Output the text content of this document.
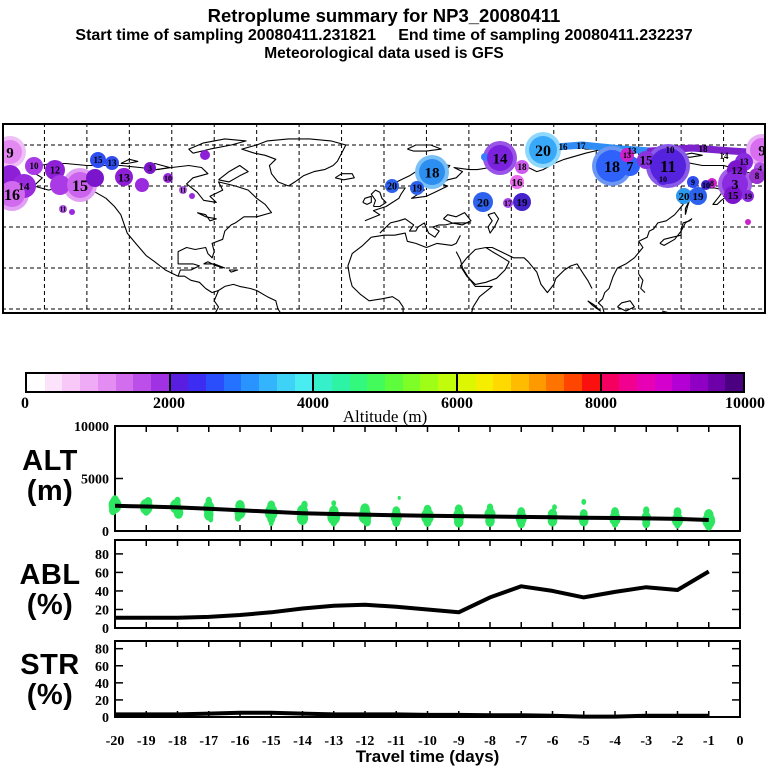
Retroplume summary for NP3_20080411
Start time of sampling 20080411.231821     End time of sampling 20080411.232237
Meteorological data used is GFS
9
10
14
16
12
15
15 13
13
3
10
11
11
18
20 19
14 18
16
20
20 17 19
18 7
13 15 11
10	9 8
20 19
9
13
4
12 8
3
10
15 19
16 17	13	10	18
14
0	2000	4000	6000	8000	10000
Altitude (m)
ALT
(m)
ABL
(%)
STR
(%)
10000
5000
0
0
20
40
60
80
0
20
40
60
80
-20 -19 -18 -17 -16 -15 -14 -13 -12 -11 -10 -9 -8 -7 -6 -5 -4 -3 -2 -1 0
Travel time (days)
